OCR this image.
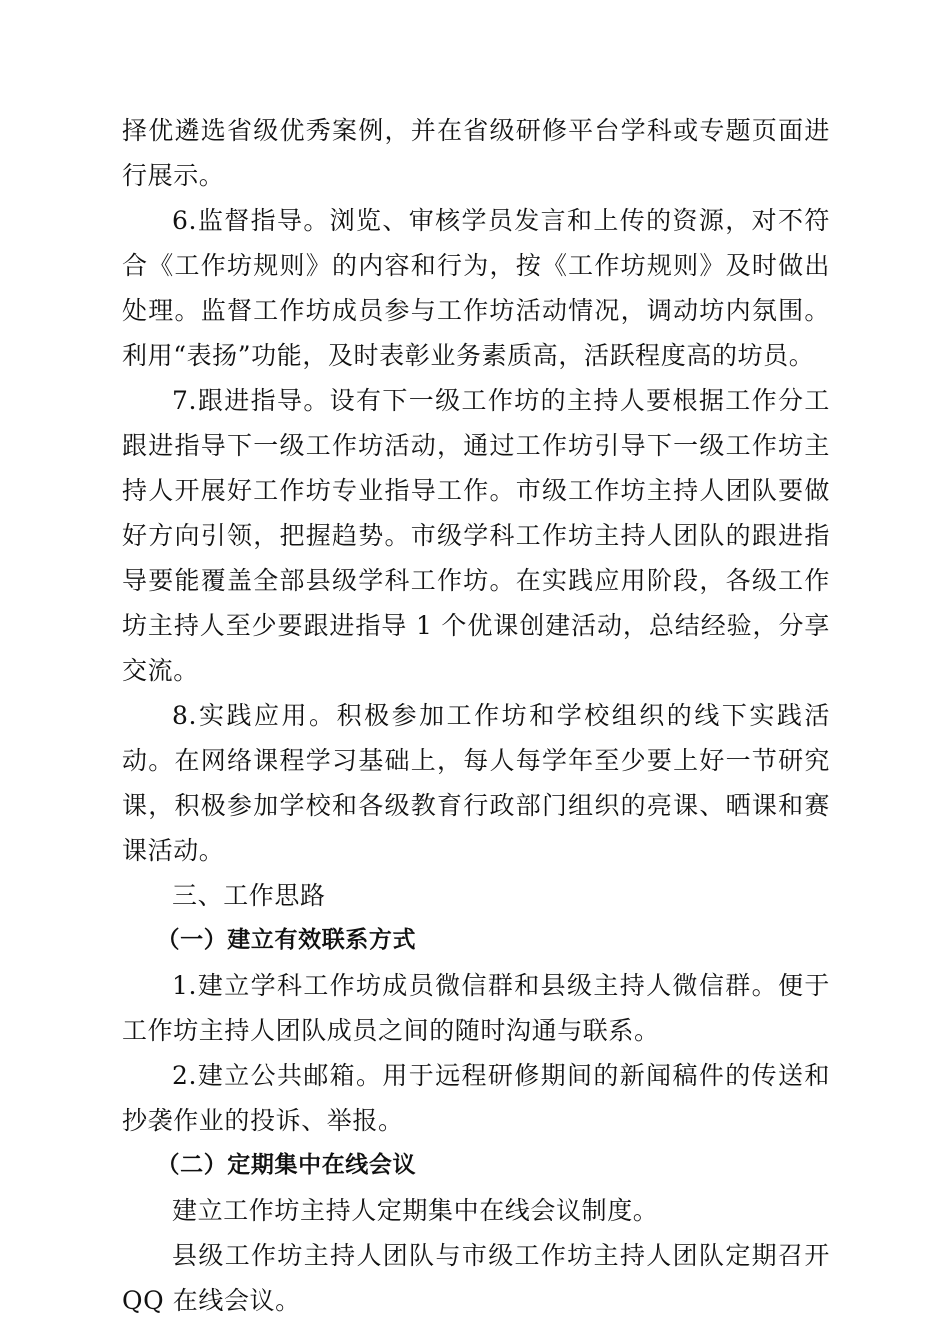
择优遴选省级优秀案例，并在省级研修平台学科或专题页面进行展示。

6.监督指导。浏览、审核学员发言和上传的资源，对不符合《工作坊规则》的内容和行为，按《工作坊规则》及时做出处理。监督工作坊成员参与工作坊活动情况，调动坊内氛围。利用“表扬”功能，及时表彰业务素质高，活跃程度高的坊员。

7.跟进指导。设有下一级工作坊的主持人要根据工作分工跟进指导下一级工作坊活动，通过工作坊引导下一级工作坊主持人开展好工作坊专业指导工作。市级工作坊主持人团队要做好方向引领，把握趋势。市级学科工作坊主持人团队的跟进指导要能覆盖全部县级学科工作坊。在实践应用阶段，各级工作坊主持人至少要跟进指导 1 个优课创建活动，总结经验，分享交流。

8.实践应用。积极参加工作坊和学校组织的线下实践活动。在网络课程学习基础上，每人每学年至少要上好一节研究课，积极参加学校和各级教育行政部门组织的亮课、晒课和赛课活动。

三、工作思路

（一）建立有效联系方式

1.建立学科工作坊成员微信群和县级主持人微信群。便于工作坊主持人团队成员之间的随时沟通与联系。

2.建立公共邮箱。用于远程研修期间的新闻稿件的传送和抄袭作业的投诉、举报。

（二）定期集中在线会议

建立工作坊主持人定期集中在线会议制度。

县级工作坊主持人团队与市级工作坊主持人团队定期召开QQ 在线会议。
